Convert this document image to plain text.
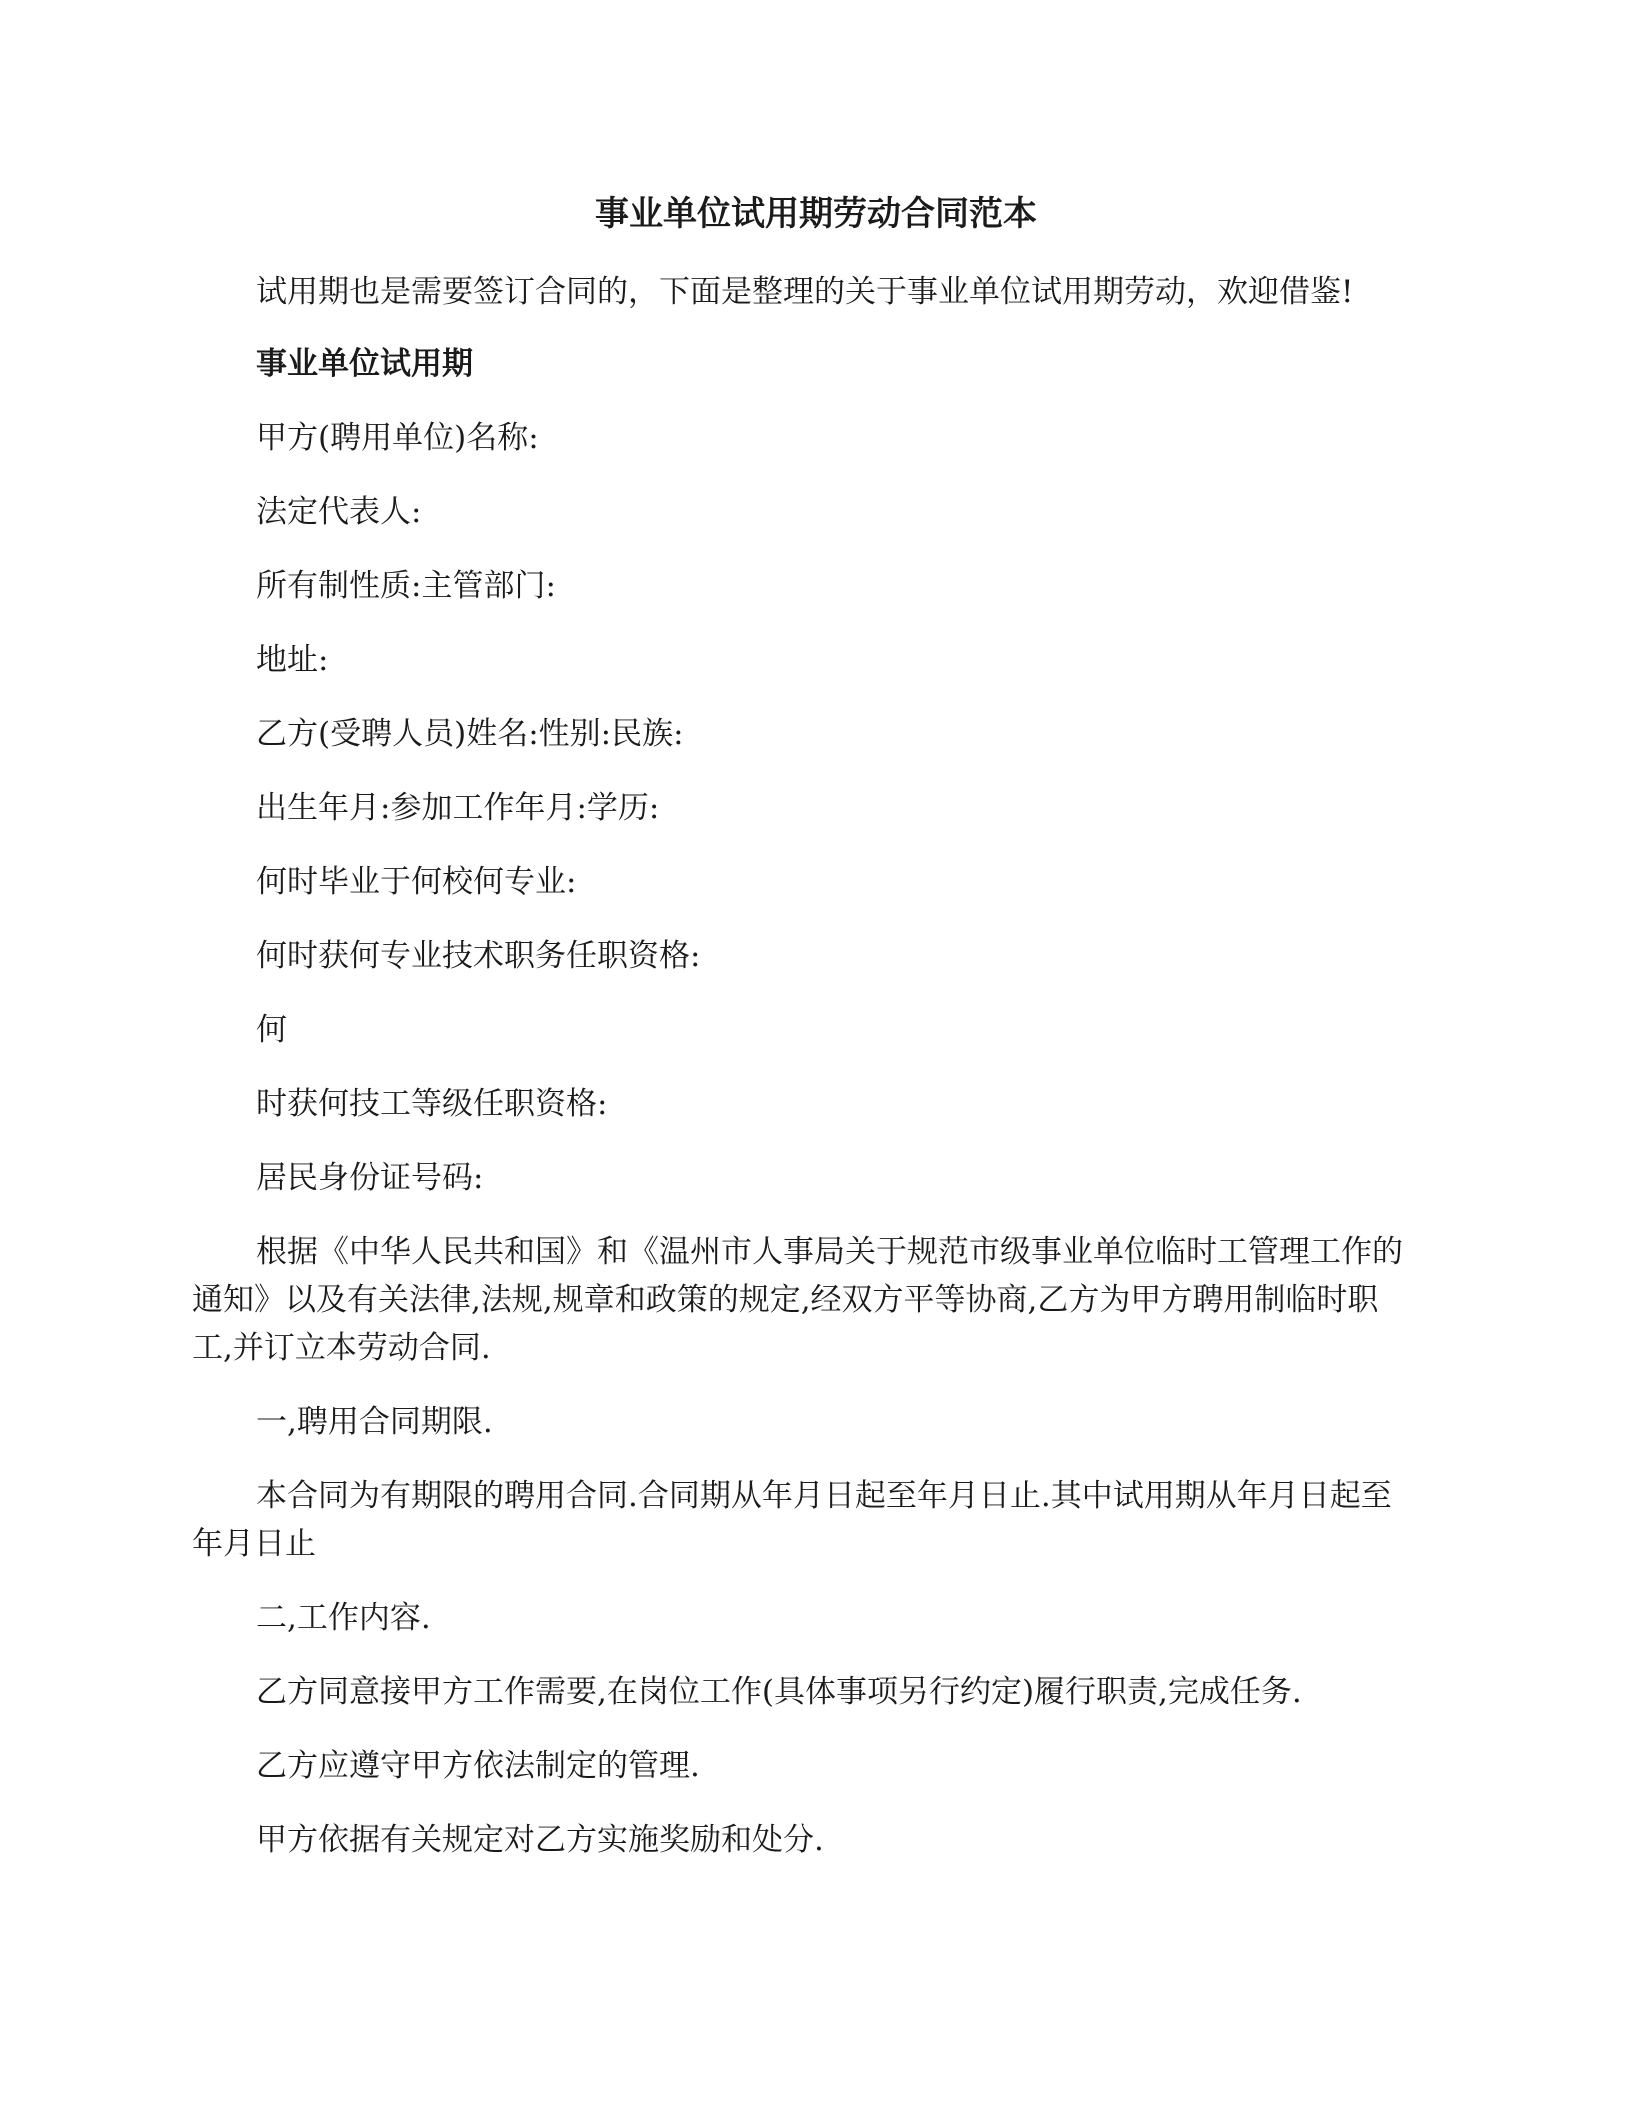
事业单位试用期劳动合同范本

试用期也是需要签订合同的，下面是整理的关于事业单位试用期劳动，欢迎借鉴!

事业单位试用期

甲方(聘用单位)名称:

法定代表人:

所有制性质:主管部门:

地址:

乙方(受聘人员)姓名:性别:民族:

出生年月:参加工作年月:学历:

何时毕业于何校何专业:

何时获何专业技术职务任职资格:

何

时获何技工等级任职资格:

居民身份证号码:

根据《中华人民共和国》和《温州市人事局关于规范市级事业单位临时工管理工作的

通知》以及有关法律,法规,规章和政策的规定,经双方平等协商,乙方为甲方聘用制临时职

工,并订立本劳动合同.

一,聘用合同期限.

本合同为有期限的聘用合同.合同期从年月日起至年月日止.其中试用期从年月日起至

年月日止

二,工作内容.

乙方同意接甲方工作需要,在岗位工作(具体事项另行约定)履行职责,完成任务.

乙方应遵守甲方依法制定的管理.

甲方依据有关规定对乙方实施奖励和处分.
